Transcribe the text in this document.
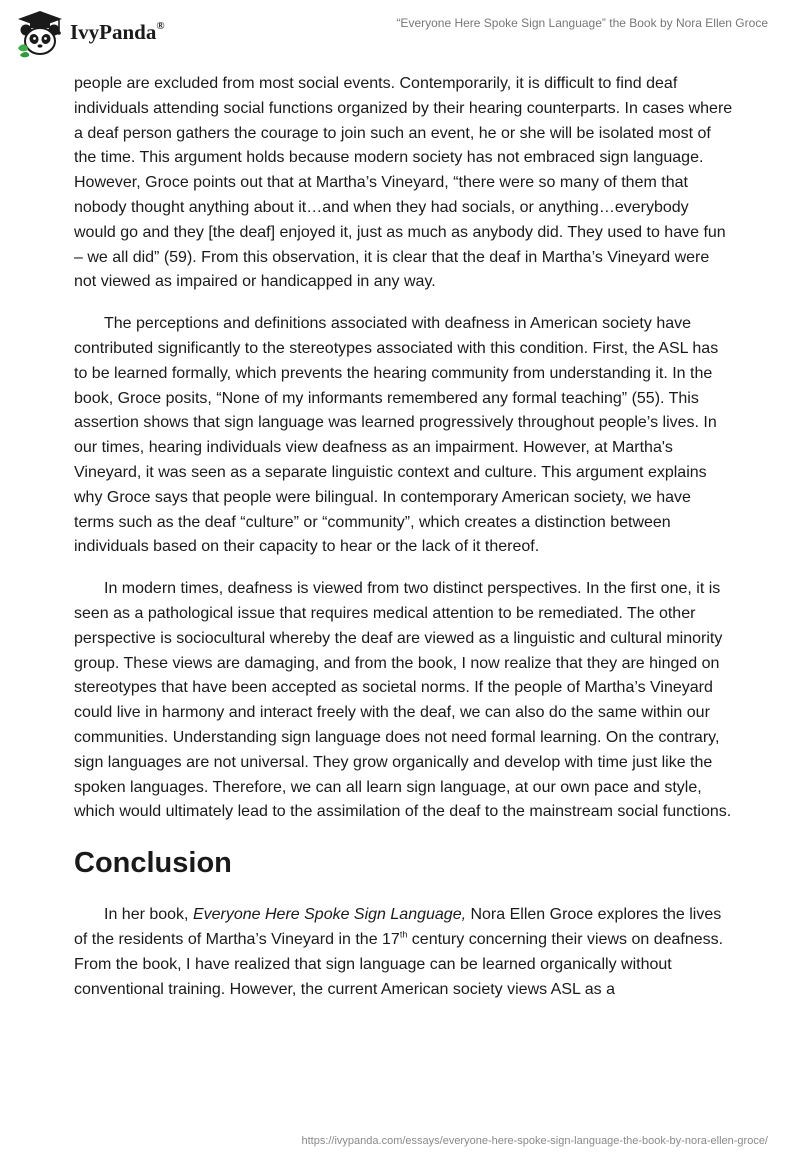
IvyPanda®	“Everyone Here Spoke Sign Language” the Book by Nora Ellen Groce

people are excluded from most social events. Contemporarily, it is difficult to find deaf individuals attending social functions organized by their hearing counterparts. In cases where a deaf person gathers the courage to join such an event, he or she will be isolated most of the time. This argument holds because modern society has not embraced sign language. However, Groce points out that at Martha’s Vineyard, “there were so many of them that nobody thought anything about it…and when they had socials, or anything…everybody would go and they [the deaf] enjoyed it, just as much as anybody did. They used to have fun – we all did” (59). From this observation, it is clear that the deaf in Martha’s Vineyard were not viewed as impaired or handicapped in any way.

The perceptions and definitions associated with deafness in American society have contributed significantly to the stereotypes associated with this condition. First, the ASL has to be learned formally, which prevents the hearing community from understanding it. In the book, Groce posits, “None of my informants remembered any formal teaching” (55). This assertion shows that sign language was learned progressively throughout people’s lives. In our times, hearing individuals view deafness as an impairment. However, at Martha's Vineyard, it was seen as a separate linguistic context and culture. This argument explains why Groce says that people were bilingual. In contemporary American society, we have terms such as the deaf “culture” or “community”, which creates a distinction between individuals based on their capacity to hear or the lack of it thereof.

In modern times, deafness is viewed from two distinct perspectives. In the first one, it is seen as a pathological issue that requires medical attention to be remediated. The other perspective is sociocultural whereby the deaf are viewed as a linguistic and cultural minority group. These views are damaging, and from the book, I now realize that they are hinged on stereotypes that have been accepted as societal norms. If the people of Martha’s Vineyard could live in harmony and interact freely with the deaf, we can also do the same within our communities. Understanding sign language does not need formal learning. On the contrary, sign languages are not universal. They grow organically and develop with time just like the spoken languages. Therefore, we can all learn sign language, at our own pace and style, which would ultimately lead to the assimilation of the deaf to the mainstream social functions.

Conclusion

In her book, Everyone Here Spoke Sign Language, Nora Ellen Groce explores the lives of the residents of Martha’s Vineyard in the 17th century concerning their views on deafness. From the book, I have realized that sign language can be learned organically without conventional training. However, the current American society views ASL as a

https://ivypanda.com/essays/everyone-here-spoke-sign-language-the-book-by-nora-ellen-groce/
